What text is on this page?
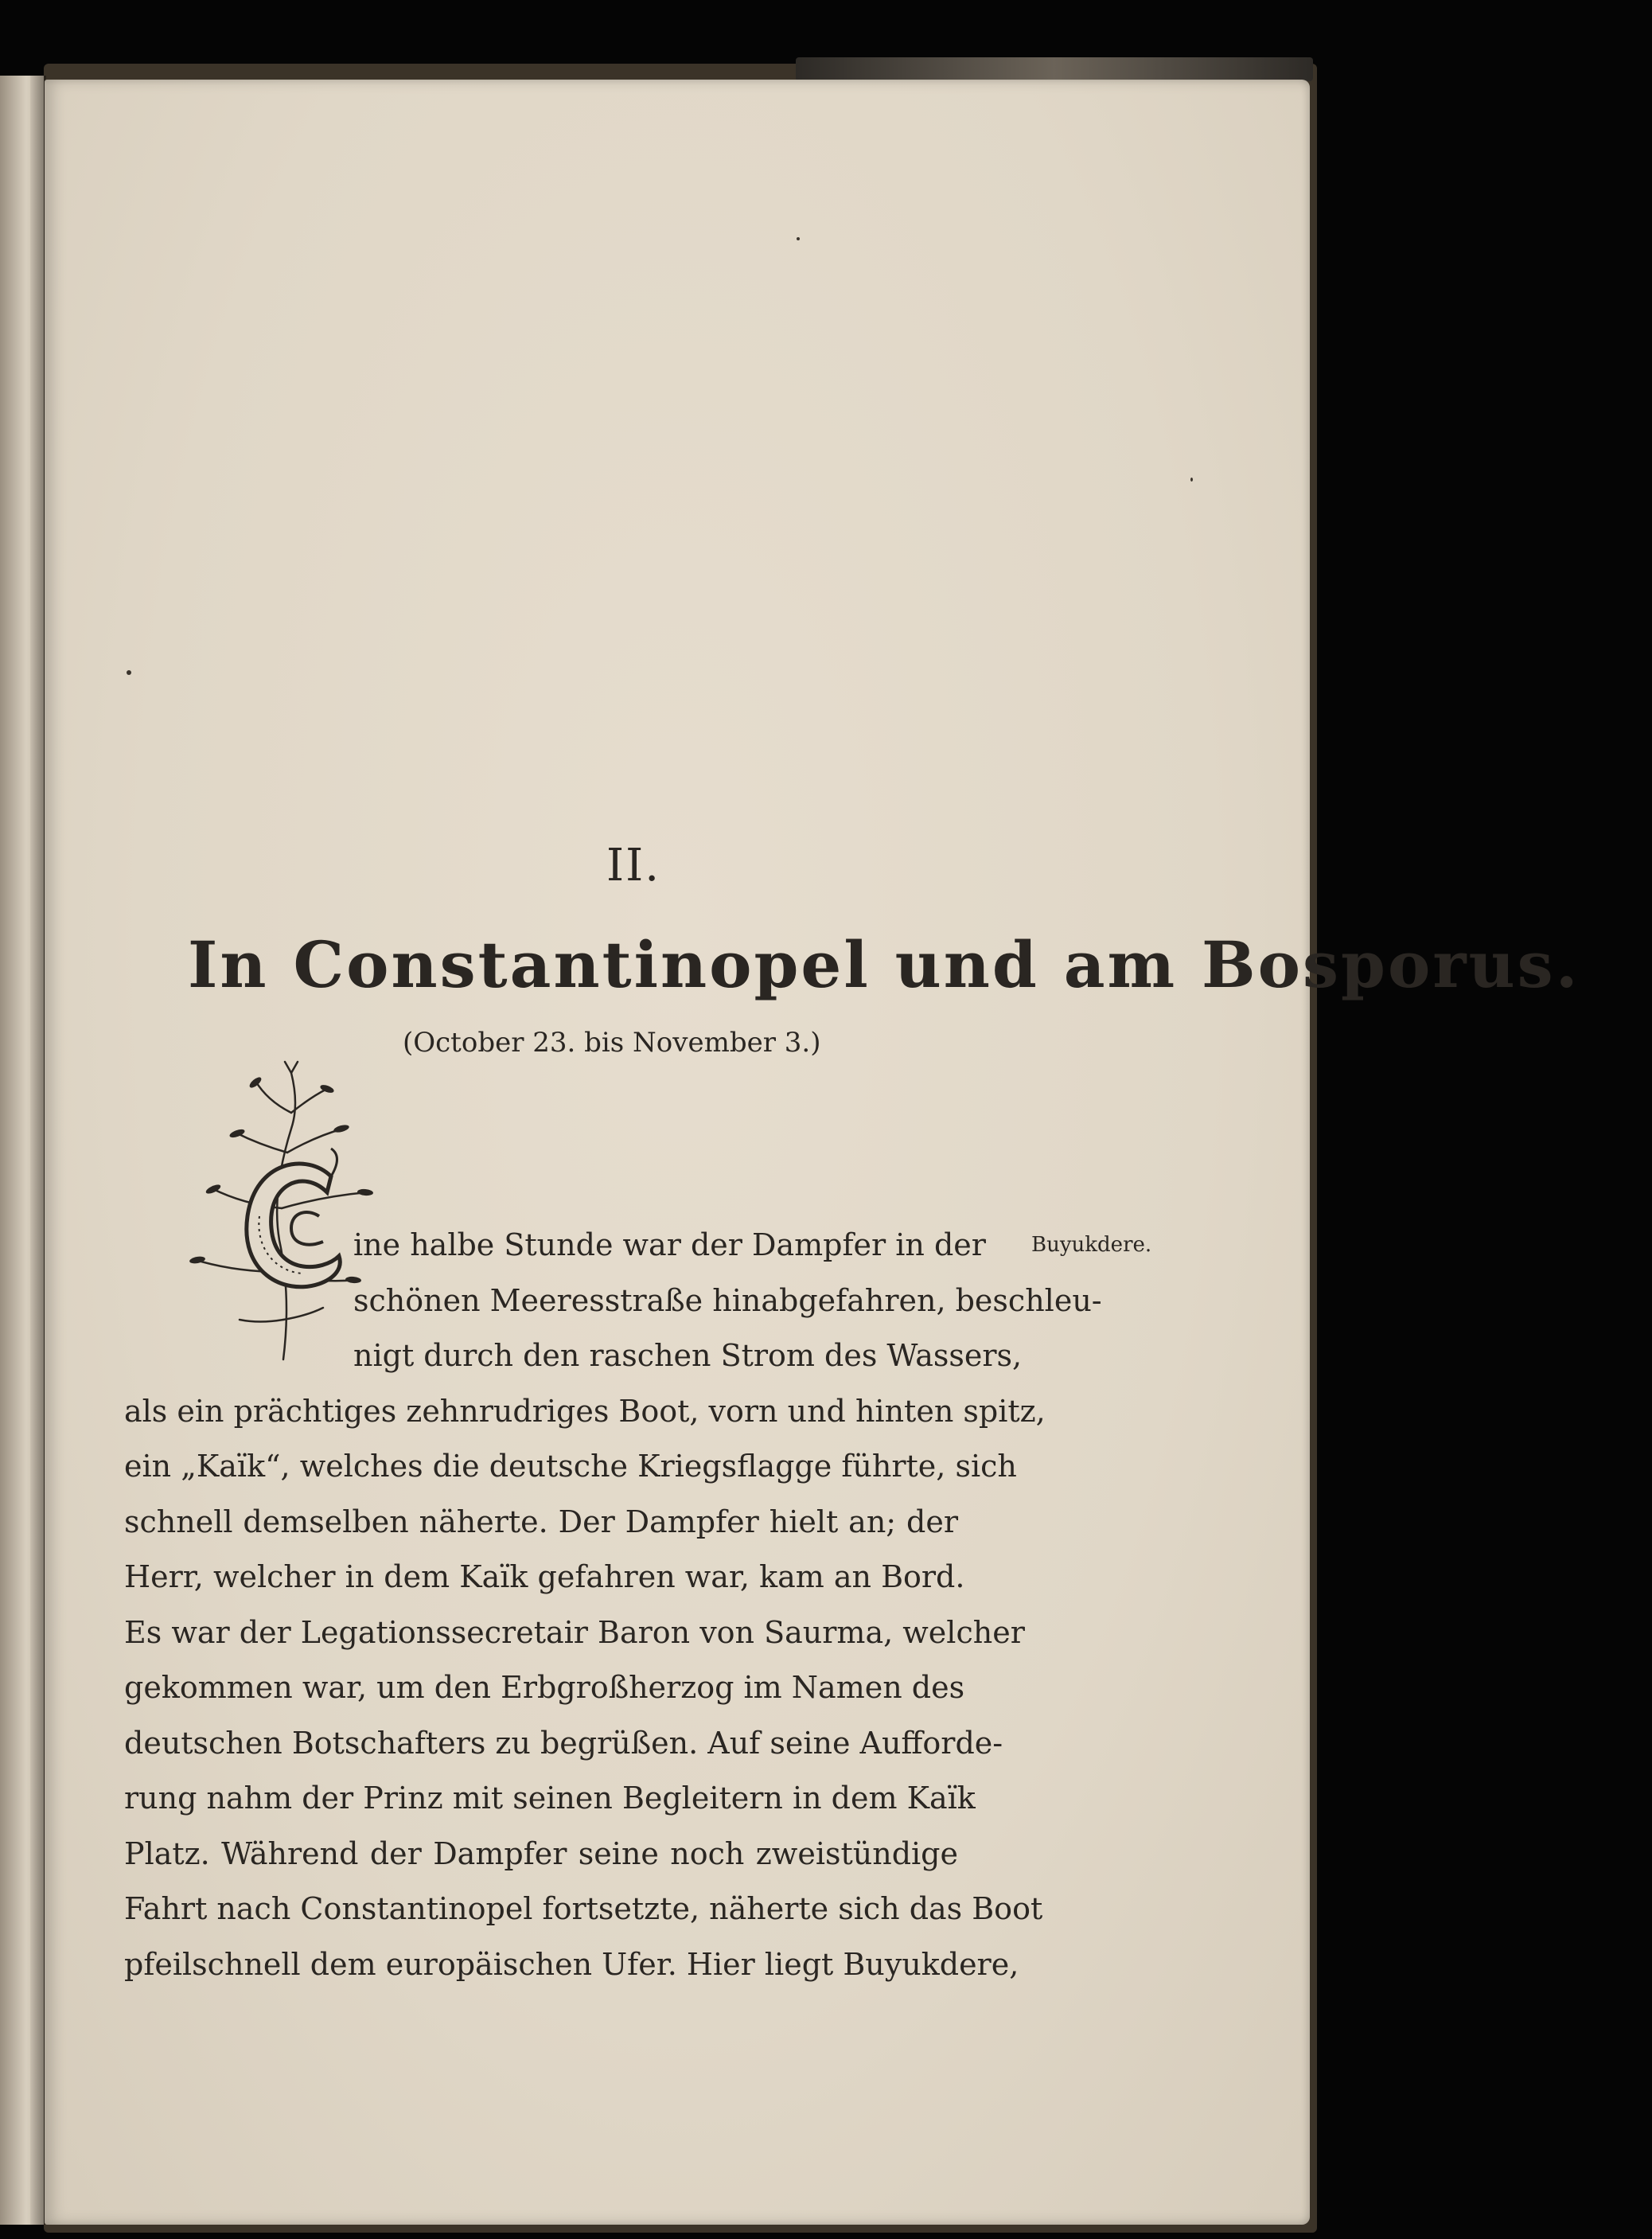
II.
In Constantinopel und am Bosporus.
(October 23. bis November 3.)
Buyukdere.
ine halbe Stunde war der Dampfer in der
schönen Meeresstraße hinabgefahren, beschleu-
nigt durch den raschen Strom des Wassers,
als ein prächtiges zehnrudriges Boot, vorn und hinten spitz,
ein „Kaïk“, welches die deutsche Kriegsflagge führte, sich
schnell demselben näherte. Der Dampfer hielt an; der
Herr, welcher in dem Kaïk gefahren war, kam an Bord.
Es war der Legationssecretair Baron von Saurma, welcher
gekommen war, um den Erbgroßherzog im Namen des
deutschen Botschafters zu begrüßen. Auf seine Aufforde-
rung nahm der Prinz mit seinen Begleitern in dem Kaïk
Platz. Während der Dampfer seine noch zweistündige
Fahrt nach Constantinopel fortsetzte, näherte sich das Boot
pfeilschnell dem europäischen Ufer. Hier liegt Buyukdere,
